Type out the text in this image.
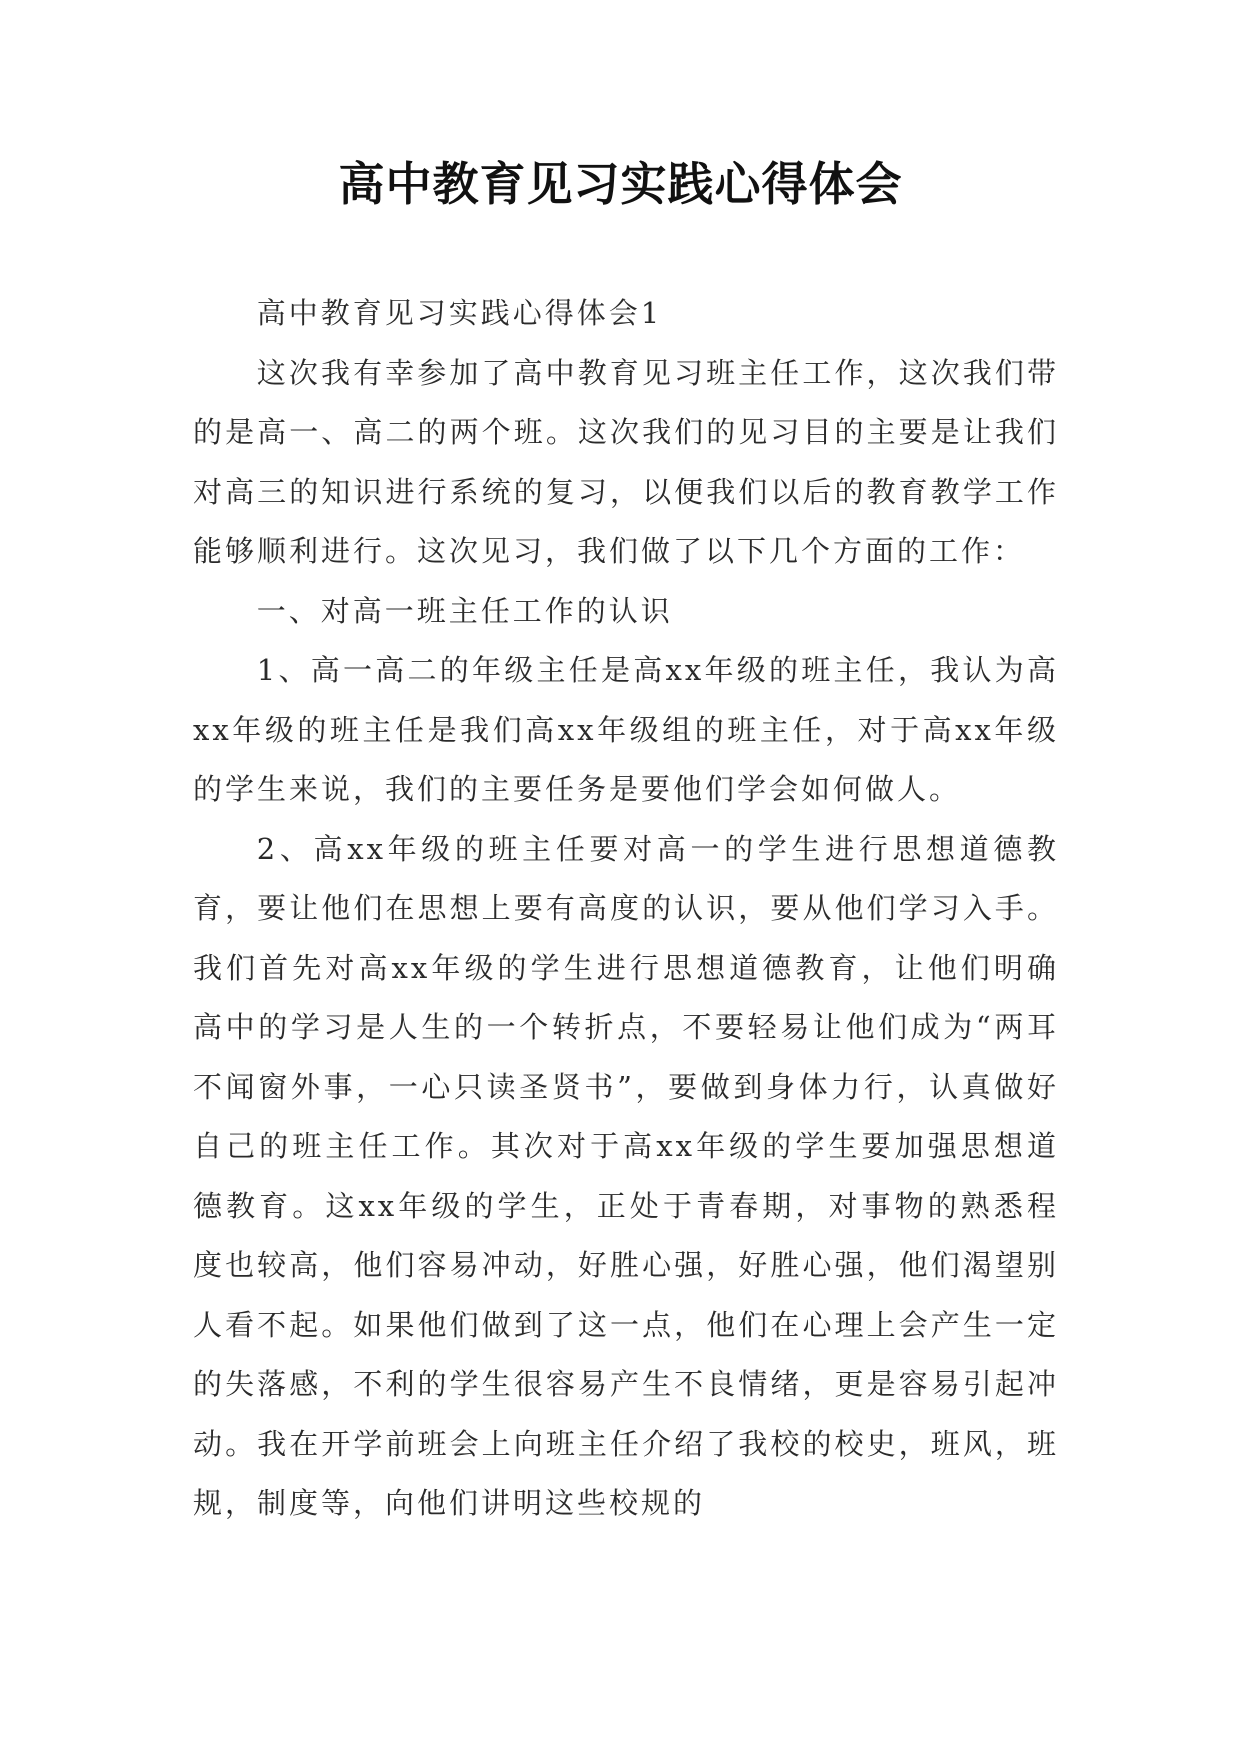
高中教育见习实践心得体会

高中教育见习实践心得体会1

这次我有幸参加了高中教育见习班主任工作，这次我们带的是高一、高二的两个班。这次我们的见习目的主要是让我们对高三的知识进行系统的复习，以便我们以后的教育教学工作能够顺利进行。这次见习，我们做了以下几个方面的工作：

一、对高一班主任工作的认识

1、高一高二的年级主任是高xx年级的班主任，我认为高xx年级的班主任是我们高xx年级组的班主任，对于高xx年级的学生来说，我们的主要任务是要他们学会如何做人。

2、高xx年级的班主任要对高一的学生进行思想道德教育，要让他们在思想上要有高度的认识，要从他们学习入手。我们首先对高xx年级的学生进行思想道德教育，让他们明确高中的学习是人生的一个转折点，不要轻易让他们成为“两耳不闻窗外事，一心只读圣贤书”，要做到身体力行，认真做好自己的班主任工作。其次对于高xx年级的学生要加强思想道德教育。这xx年级的学生，正处于青春期，对事物的熟悉程度也较高，他们容易冲动，好胜心强，好胜心强，他们渴望别人看不起。如果他们做到了这一点，他们在心理上会产生一定的失落感，不利的学生很容易产生不良情绪，更是容易引起冲动。我在开学前班会上向班主任介绍了我校的校史，班风，班规，制度等，向他们讲明这些校规的
